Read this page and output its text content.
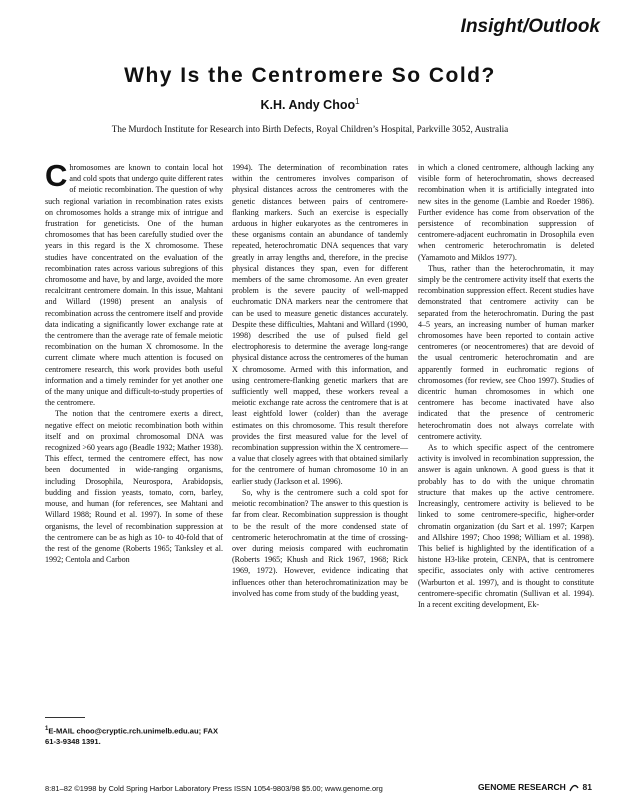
Insight/Outlook
Why Is the Centromere So Cold?
K.H. Andy Choo$^1$
The Murdoch Institute for Research into Birth Defects, Royal Children’s Hospital, Parkville 3052, Australia

Chromosomes are known to contain local hot and cold spots that undergo quite different rates of meiotic recombination. The question of why such regional variation in recombination rates exists on chromosomes holds a strange mix of intrigue and frustration for geneticists. One of the human chromosomes that has been carefully studied over the years in this regard is the X chromosome. These studies have concentrated on the evaluation of the recombination rates across various subregions of this chromosome and have, by and large, avoided the more recalcitrant centromere domain. In this issue, Mahtani and Willard (1998) present an analysis of recombination across the centromere itself and provide data indicating a significantly lower exchange rate at the centromere than the average rate of female meiotic recombination on the human X chromosome. In the current climate where much attention is focused on centromere research, this work provides both useful information and a timely reminder for yet another one of the many unique and difficult-to-study properties of the centromere.

The notion that the centromere exerts a direct, negative effect on meiotic recombination both within itself and on proximal chromosomal DNA was recognized >60 years ago (Beadle 1932; Mather 1938). This effect, termed the centromere effect, has now been documented in wide-ranging organisms, including Drosophila, Neurospora, Arabidopsis, budding and fission yeasts, tomato, corn, barley, mouse, and human (for references, see Mahtani and Willard 1988; Round et al. 1997). In some of these organisms, the level of recombination suppression at the centromere can be as high as 10- to 40-fold that of the rest of the genome (Roberts 1965; Tanksley et al. 1992; Centola and Carbon

1994). The determination of recombination rates within the centromeres involves comparison of physical distances across the centromeres with the genetic distances between pairs of centromere-flanking markers. Such an exercise is especially arduous in higher eukaryotes as the centromeres in these organisms contain an abundance of tandemly repeated, heterochromatic DNA sequences that vary greatly in array lengths and, therefore, in the precise physical distances they span, even for different members of the same chromosome. An even greater problem is the severe paucity of well-mapped euchromatic DNA markers near the centromere that can be used to measure genetic distances accurately. Despite these difficulties, Mahtani and Willard (1990, 1998) described the use of pulsed field gel electrophoresis to determine the average long-range physical distance across the centromeres of the human X chromosome. Armed with this information, and using centromere-flanking genetic markers that are sufficiently well mapped, these workers reveal a meiotic exchange rate across the centromere that is at least eightfold lower (colder) than the average estimates on this chromosome. This result therefore provides the first measured value for the level of recombination suppression within the X centromere—a value that closely agrees with that obtained similarly for the centromere of human chromosome 10 in an earlier study (Jackson et al. 1996).

So, why is the centromere such a cold spot for meiotic recombination? The answer to this question is far from clear. Recombination suppression is thought to be the result of the more condensed state of centromeric heterochromatin at the time of crossing-over during meiosis compared with euchromatin (Roberts 1965; Khush and Rick 1967, 1968; Rick 1969, 1972). However, evidence indicating that influences other than heterochromatinization may be involved has come from study of the budding yeast,

in which a cloned centromere, although lacking any visible form of heterochromatin, shows decreased recombination when it is artificially integrated into new sites in the genome (Lambie and Roeder 1986). Further evidence has come from observation of the persistence of recombination suppression of centromere-adjacent euchromatin in Drosophila even when centromeric heterochromatin is deleted (Yamamoto and Miklos 1977).

Thus, rather than the heterochromatin, it may simply be the centromere activity itself that exerts the recombination suppression effect. Recent studies have demonstrated that centromere activity can be separated from the heterochromatin. During the past 4–5 years, an increasing number of human marker chromosomes have been reported to contain active centromeres (or neocentromeres) that are devoid of the usual centromeric heterochromatin and are apparently formed in euchromatic regions of chromosomes (for review, see Choo 1997). Studies of dicentric human chromosomes in which one centromere has become inactivated have also indicated that the presence of centromeric heterochromatin does not always correlate with centromere activity.

As to which specific aspect of the centromere activity is involved in recombination suppression, the answer is again unknown. A good guess is that it probably has to do with the unique chromatin structure that makes up the active centromere. Increasingly, centromere activity is believed to be linked to some centromere-specific, higher-order chromatin organization (du Sart et al. 1997; Karpen and Allshire 1997; Choo 1998; William et al. 1998). This belief is highlighted by the identification of a histone H3-like protein, CENPA, that is centromere specific, associates only with active centromeres (Warburton et al. 1997), and is thought to constitute centromere-specific chromatin (Sullivan et al. 1994). In a recent exciting development, Ek-

$^1$E-MAIL choo@cryptic.rch.unimelb.edu.au; FAX 61-3-9348 1391.
8:81–82 ©1998 by Cold Spring Harbor Laboratory Press ISSN 1054-9803/98 $5.00; www.genome.org	GENOME RESEARCH 81
